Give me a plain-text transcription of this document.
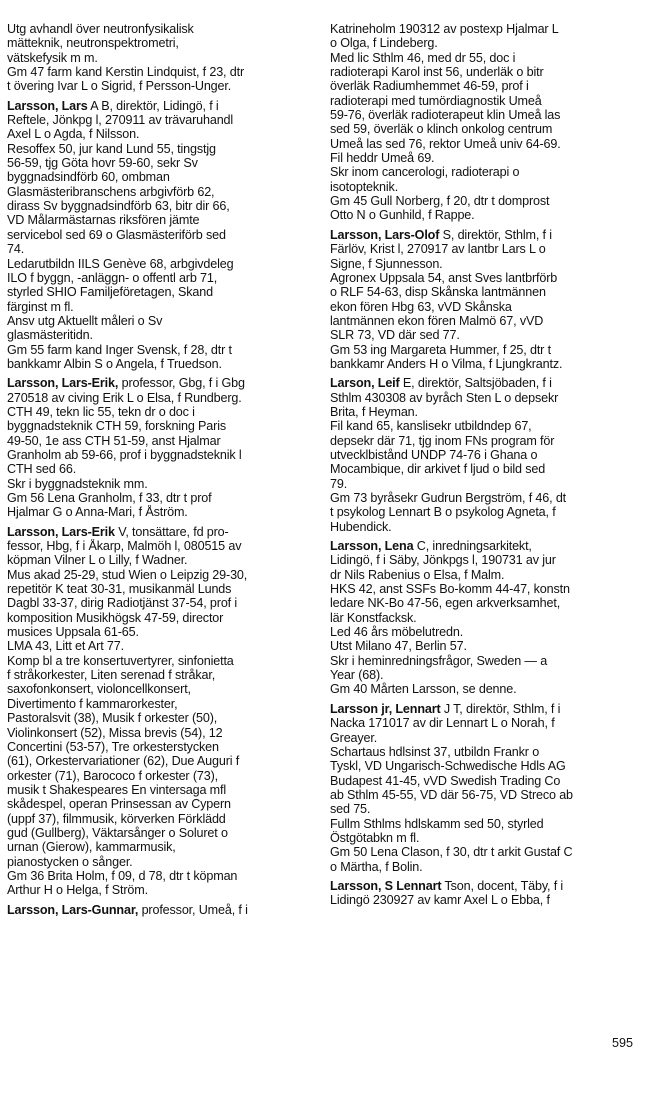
Utg avhandl över neutronfysikalisk
mätteknik, neutronspektrometri,
vätskefysik m m.
Gm 47 farm kand Kerstin Lindquist, f 23, dtr
t övering Ivar L o Sigrid, f Persson-Unger.
Larsson, Lars A B, direktör, Lidingö, f i
Reftele, Jönkpg l, 270911 av trävaruhandl
Axel L o Agda, f Nilsson.
Resoffex 50, jur kand Lund 55, tingstjg
56-59, tjg Göta hovr 59-60, sekr Sv
byggnadsindförb 60, ombman
Glasmästeribranschens arbgivförb 62,
dirass Sv byggnadsindförb 63, bitr dir 66,
VD Målarmästarnas riksfören jämte
servicebol sed 69 o Glasmästeriförb sed
74.
Ledarutbildn IILS Genève 68, arbgivdeleg
ILO f byggn, -anläggn- o offentl arb 71,
styrled SHIO Familjeföretagen, Skand
färginst m fl.
Ansv utg Aktuellt måleri o Sv
glasmästeritidn.
Gm 55 farm kand Inger Svensk, f 28, dtr t
bankkamr Albin S o Angela, f Truedson.
Larsson, Lars-Erik, professor, Gbg, f i Gbg
270518 av civing Erik L o Elsa, f Rundberg.
CTH 49, tekn lic 55, tekn dr o doc i
byggnadsteknik CTH 59, forskning Paris
49-50, 1e ass CTH 51-59, anst Hjalmar
Granholm ab 59-66, prof i byggnadsteknik l
CTH sed 66.
Skr i byggnadsteknik mm.
Gm 56 Lena Granholm, f 33, dtr t prof
Hjalmar G o Anna-Mari, f Åström.
Larsson, Lars-Erik V, tonsättare, fd pro-
fessor, Hbg, f i Åkarp, Malmöh l, 080515 av
köpman Vilner L o Lilly, f Wadner.
Mus akad 25-29, stud Wien o Leipzig 29-30,
repetitör K teat 30-31, musikanmäl Lunds
Dagbl 33-37, dirig Radiotjänst 37-54, prof i
komposition Musikhögsk 47-59, director
musices Uppsala 61-65.
LMA 43, Litt et Art 77.
Komp bl a tre konsertuvertyrer, sinfonietta
f stråkorkester, Liten serenad f stråkar,
saxofonkonsert, violoncellkonsert,
Divertimento f kammarorkester,
Pastoralsvit (38), Musik f orkester (50),
Violinkonsert (52), Missa brevis (54), 12
Concertini (53-57), Tre orkesterstycken
(61), Orkestervariationer (62), Due Auguri f
orkester (71), Barococo f orkester (73),
musik t Shakespeares En vintersaga mfl
skådespel, operan Prinsessan av Cypern
(uppf 37), filmmusik, körverken Förklädd
gud (Gullberg), Väktarsånger o Soluret o
urnan (Gierow), kammarmusik,
pianostycken o sånger.
Gm 36 Brita Holm, f 09, d 78, dtr t köpman
Arthur H o Helga, f Ström.
Larsson, Lars-Gunnar, professor, Umeå, f i
Katrineholm 190312 av postexp Hjalmar L
o Olga, f Lindeberg.
Med lic Sthlm 46, med dr 55, doc i
radioterapi Karol inst 56, underläk o bitr
överläk Radiumhemmet 46-59, prof i
radioterapi med tumördiagnostik Umeå
59-76, överläk radioterapeut klin Umeå las
sed 59, överläk o klinch onkolog centrum
Umeå las sed 76, rektor Umeå univ 64-69.
Fil heddr Umeå 69.
Skr inom cancerologi, radioterapi o
isotopteknik.
Gm 45 Gull Norberg, f 20, dtr t domprost
Otto N o Gunhild, f Rappe.
Larsson, Lars-Olof S, direktör, Sthlm, f i
Färlöv, Krist l, 270917 av lantbr Lars L o
Signe, f Sjunnesson.
Agronex Uppsala 54, anst Sves lantbrförb
o RLF 54-63, disp Skånska lantmännen
ekon fören Hbg 63, vVD Skånska
lantmännen ekon fören Malmö 67, vVD
SLR 73, VD där sed 77.
Gm 53 ing Margareta Hummer, f 25, dtr t
bankkamr Anders H o Vilma, f Ljungkrantz.
Larson, Leif E, direktör, Saltsjöbaden, f i
Sthlm 430308 av byråch Sten L o depsekr
Brita, f Heyman.
Fil kand 65, kanslisekr utbildndep 67,
depsekr där 71, tjg inom FNs program för
utvecklbistånd UNDP 74-76 i Ghana o
Mocambique, dir arkivet f ljud o bild sed
79.
Gm 73 byråsekr Gudrun Bergström, f 46, dt
t psykolog Lennart B o psykolog Agneta, f
Hubendick.
Larsson, Lena C, inredningsarkitekt,
Lidingö, f i Säby, Jönkpgs l, 190731 av jur
dr Nils Rabenius o Elsa, f Malm.
HKS 42, anst SSFs Bo-komm 44-47, konstn
ledare NK-Bo 47-56, egen arkverksamhet,
lär Konstfacksk.
Led 46 års möbelutredn.
Utst Milano 47, Berlin 57.
Skr i heminredningsfrågor, Sweden — a
Year (68).
Gm 40 Mårten Larsson, se denne.
Larsson jr, Lennart J T, direktör, Sthlm, f i
Nacka 171017 av dir Lennart L o Norah, f
Greayer.
Schartaus hdlsinst 37, utbildn Frankr o
Tyskl, VD Ungarisch-Schwedische Hdls AG
Budapest 41-45, vVD Swedish Trading Co
ab Sthlm 45-55, VD där 56-75, VD Streco ab
sed 75.
Fullm Sthlms hdlskamm sed 50, styrled
Östgötabkn m fl.
Gm 50 Lena Clason, f 30, dtr t arkit Gustaf C
o Märtha, f Bolin.
Larsson, S Lennart Tson, docent, Täby, f i
Lidingö 230927 av kamr Axel L o Ebba, f
595
